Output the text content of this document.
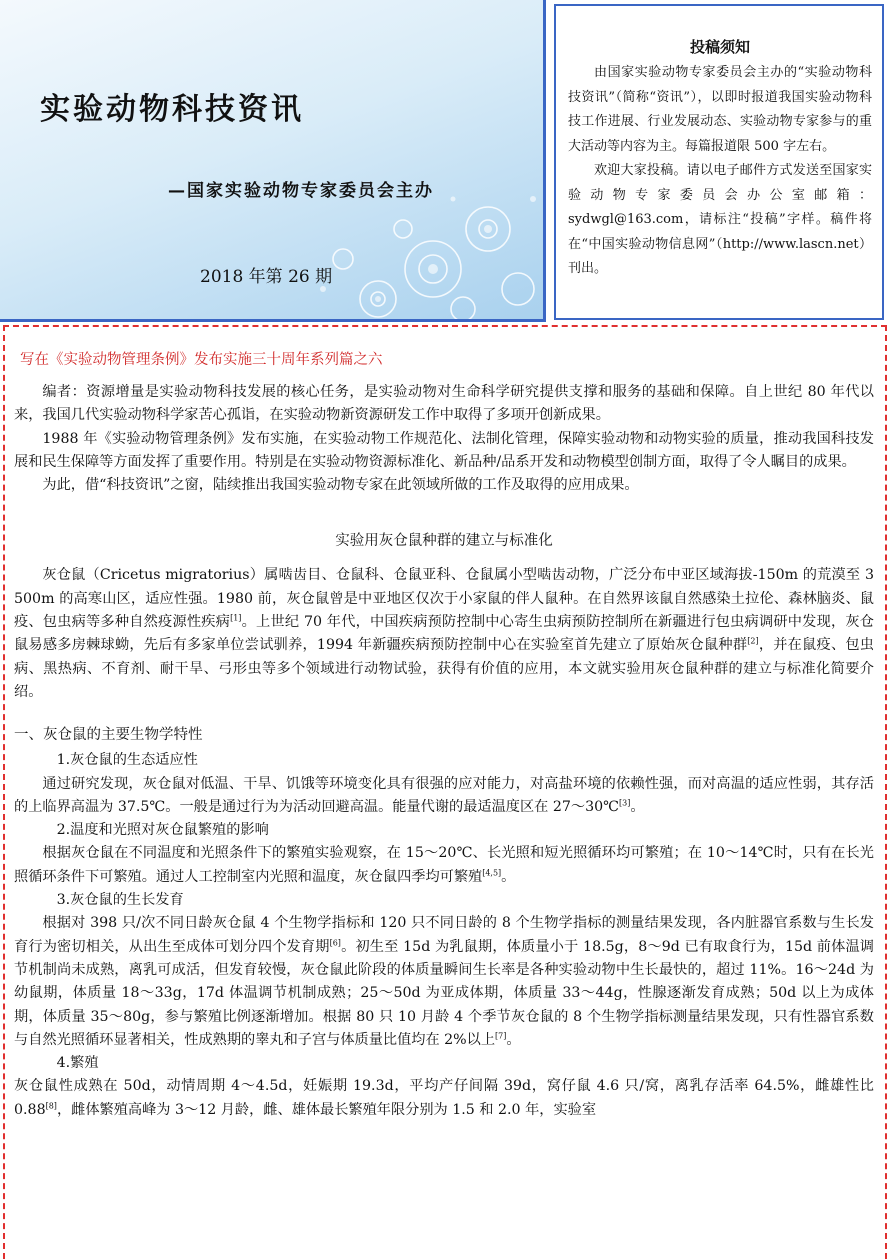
实验动物科技资讯
—国家实验动物专家委员会主办
2018 年第 26 期
投稿须知

由国家实验动物专家委员会主办的“实验动物科技资讯”（简称“资讯”），以即时报道我国实验动物科技工作进展、行业发展动态、实验动物专家参与的重大活动等内容为主。每篇报道限 500 字左右。

欢迎大家投稿。请以电子邮件方式发送至国家实验动物专家委员会办公室邮箱：sydwgl@163.com，请标注“投稿”字样。稿件将在“中国实验动物信息网”（http://www.lascn.net）刊出。

写在《实验动物管理条例》发布实施三十周年系列篇之六

编者：资源增量是实验动物科技发展的核心任务，是实验动物对生命科学研究提供支撑和服务的基础和保障。自上世纪 80 年代以来，我国几代实验动物科学家苦心孤诣，在实验动物新资源研发工作中取得了多项开创新成果。

1988 年《实验动物管理条例》发布实施，在实验动物工作规范化、法制化管理，保障实验动物和动物实验的质量，推动我国科技发展和民生保障等方面发挥了重要作用。特别是在实验动物资源标准化、新品种/品系开发和动物模型创制方面，取得了令人瞩目的成果。

为此，借“科技资讯”之窗，陆续推出我国实验动物专家在此领域所做的工作及取得的应用成果。

实验用灰仓鼠种群的建立与标准化

灰仓鼠（Cricetus migratorius）属啮齿目、仓鼠科、仓鼠亚科、仓鼠属小型啮齿动物，广泛分布中亚区域海拔-150m 的荒漠至 3 500m 的高寒山区，适应性强。1980 前，灰仓鼠曾是中亚地区仅次于小家鼠的伴人鼠种。在自然界该鼠自然感染土拉伦、森林脑炎、鼠疫、包虫病等多种自然疫源性疾病[1]。上世纪 70 年代，中国疾病预防控制中心寄生虫病预防控制所在新疆进行包虫病调研中发现，灰仓鼠易感多房棘球蚴，先后有多家单位尝试驯养，1994 年新疆疾病预防控制中心在实验室首先建立了原始灰仓鼠种群[2]，并在鼠疫、包虫病、黑热病、不育剂、耐干旱、弓形虫等多个领域进行动物试验，获得有价值的应用，本文就实验用灰仓鼠种群的建立与标准化简要介绍。

一、灰仓鼠的主要生物学特性
1.灰仓鼠的生态适应性

通过研究发现，灰仓鼠对低温、干旱、饥饿等环境变化具有很强的应对能力，对高盐环境的依赖性强，而对高温的适应性弱，其存活的上临界高温为 37.5℃。一般是通过行为为活动回避高温。能量代谢的最适温度区在 27～30℃[3]。

2.温度和光照对灰仓鼠繁殖的影响

根据灰仓鼠在不同温度和光照条件下的繁殖实验观察，在 15～20℃、长光照和短光照循环均可繁殖；在 10～14℃时，只有在长光照循环条件下可繁殖。通过人工控制室内光照和温度，灰仓鼠四季均可繁殖[4,5]。

3.灰仓鼠的生长发育

根据对 398 只/次不同日龄灰仓鼠 4 个生物学指标和 120 只不同日龄的 8 个生物学指标的测量结果发现，各内脏器官系数与生长发育行为密切相关，从出生至成体可划分四个发育期[6]。初生至 15d 为乳鼠期，体质量小于 18.5g，8～9d 已有取食行为，15d 前体温调节机制尚未成熟，离乳可成活，但发育较慢，灰仓鼠此阶段的体质量瞬间生长率是各种实验动物中生长最快的，超过 11%。16～24d 为幼鼠期，体质量 18～33g，17d 体温调节机制成熟；25～50d 为亚成体期，体质量 33～44g，性腺逐渐发育成熟；50d 以上为成体期，体质量 35～80g，参与繁殖比例逐渐增加。根据 80 只 10 月龄 4 个季节灰仓鼠的 8 个生物学指标测量结果发现，只有性器官系数与自然光照循环显著相关，性成熟期的睾丸和子宫与体质量比值均在 2%以上[7]。

4.繁殖

灰仓鼠性成熟在 50d，动情周期 4～4.5d，妊娠期 19.3d，平均产仔间隔 39d，窝仔鼠 4.6 只/窝，离乳存活率 64.5%，雌雄性比 0.88[8]，雌体繁殖高峰为 3～12 月龄，雌、雄体最长繁殖年限分别为 1.5 和 2.0 年，实验室
